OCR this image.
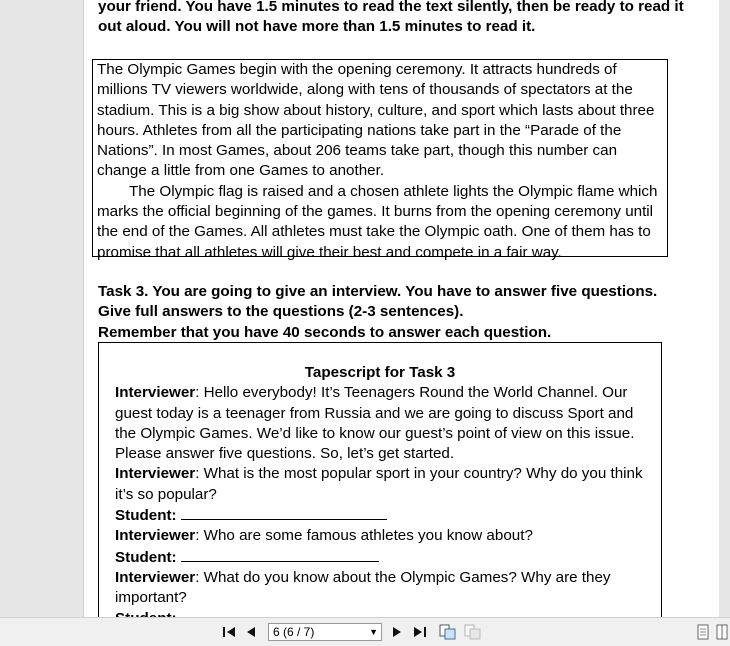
your friend. You have 1.5 minutes to read the text silently, then be ready to read it
out aloud. You will not have more than 1.5 minutes to read it.

The Olympic Games begin with the opening ceremony. It attracts hundreds of millions TV viewers worldwide, along with tens of thousands of spectators at the stadium. This is a big show about history, culture, and sport which lasts about three hours. Athletes from all the participating nations take part in the “Parade of the Nations”. In most Games, about 206 teams take part, though this number can change a little from one Games to another.

The Olympic flag is raised and a chosen athlete lights the Olympic flame which marks the official beginning of the games. It burns from the opening ceremony until the end of the Games. All athletes must take the Olympic oath. One of them has to promise that all athletes will give their best and compete in a fair way.

Task 3. You are going to give an interview. You have to answer five questions.
Give full answers to the questions (2-3 sentences).
Remember that you have 40 seconds to answer each question.
Tapescript for Task 3
Interviewer: Hello everybody! It’s Teenagers Round the World Channel. Our guest today is a teenager from Russia and we are going to discuss Sport and the Olympic Games. We’d like to know our guest’s point of view on this issue. Please answer five questions. So, let’s get started.
Interviewer: What is the most popular sport in your country? Why do you think it’s so popular?
Student:
Interviewer: Who are some famous athletes you know about?
Student:
Interviewer: What do you know about the Olympic Games? Why are they important?
6 (6 / 7)	▼
